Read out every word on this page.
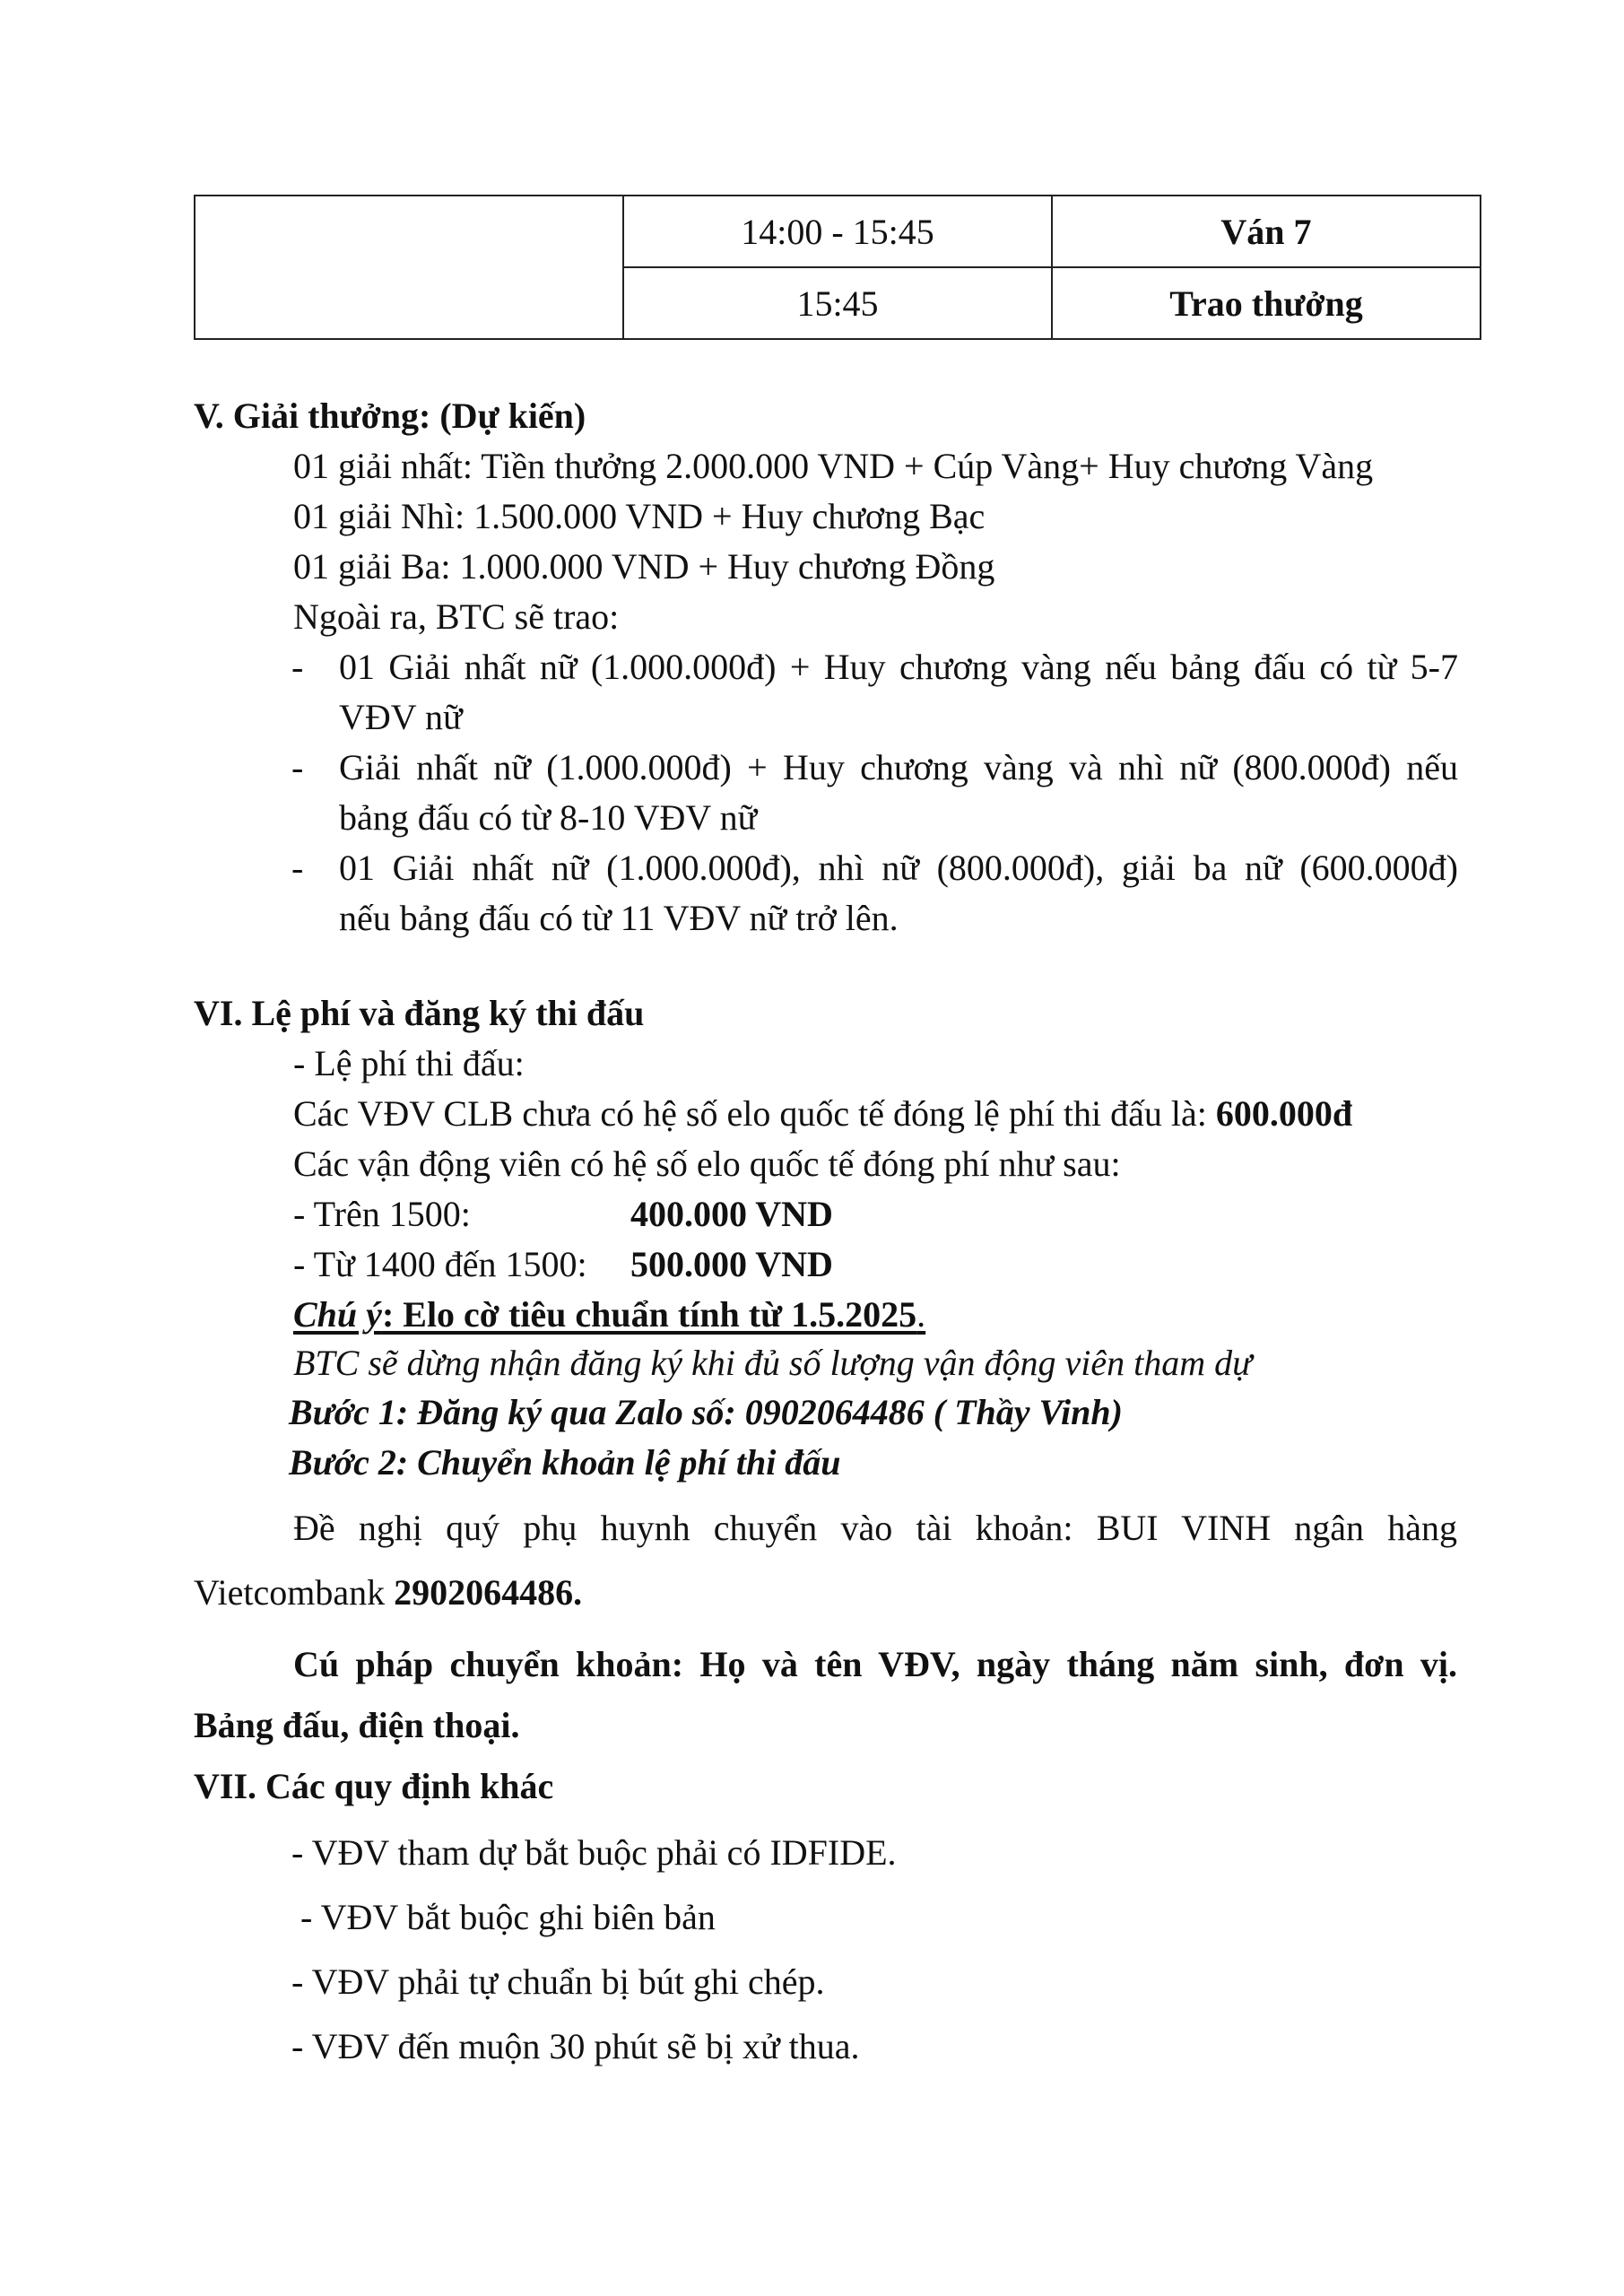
	14:00 - 15:45	Ván 7
	15:45	Trao thưởng
V. Giải thưởng: (Dự kiến)
01 giải nhất: Tiền thưởng 2.000.000 VND + Cúp Vàng+ Huy chương Vàng
01 giải Nhì: 1.500.000 VND + Huy chương Bạc
01 giải Ba: 1.000.000 VND + Huy chương Đồng
Ngoài ra, BTC sẽ trao:
- 01 Giải nhất nữ (1.000.000đ) + Huy chương vàng nếu bảng đấu có từ 5-7
VĐV nữ
- Giải nhất nữ (1.000.000đ) + Huy chương vàng và nhì nữ (800.000đ) nếu
bảng đấu có từ 8-10 VĐV nữ
- 01 Giải nhất nữ (1.000.000đ), nhì nữ (800.000đ), giải ba nữ (600.000đ)
nếu bảng đấu có từ 11 VĐV nữ trở lên.
VI. Lệ phí và đăng ký thi đấu
- Lệ phí thi đấu:
Các VĐV CLB chưa có hệ số elo quốc tế đóng lệ phí thi đấu là: 600.000đ
Các vận động viên có hệ số elo quốc tế đóng phí như sau:
- Trên 1500:	400.000 VND
- Từ 1400 đến 1500: 500.000 VND
Chú ý: Elo cờ tiêu chuẩn tính từ 1.5.2025.
BTC sẽ dừng nhận đăng ký khi đủ số lượng vận động viên tham dự
Bước 1: Đăng ký qua Zalo số: 0902064486 ( Thầy Vinh)
Bước 2: Chuyển khoản lệ phí thi đấu
Đề nghị quý phụ huynh chuyển vào tài khoản: BUI VINH ngân hàng
Vietcombank 2902064486.
Cú pháp chuyển khoản: Họ và tên VĐV, ngày tháng năm sinh, đơn vị.
Bảng đấu, điện thoại.
VII. Các quy định khác
- VĐV tham dự bắt buộc phải có IDFIDE.
- VĐV bắt buộc ghi biên bản
- VĐV phải tự chuẩn bị bút ghi chép.
- VĐV đến muộn 30 phút sẽ bị xử thua.
